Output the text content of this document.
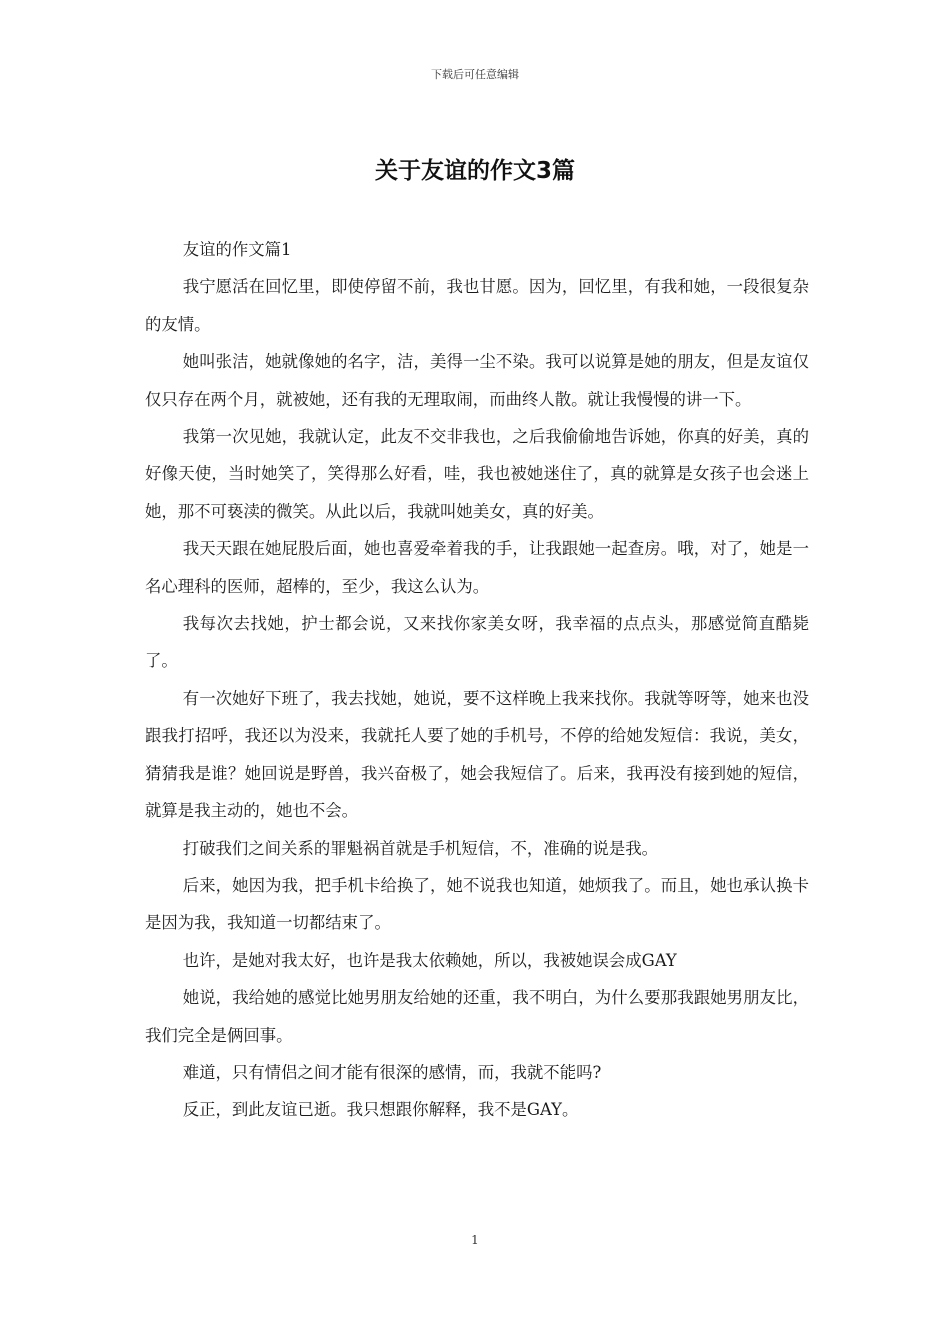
下载后可任意编辑
关于友谊的作文3篇

友谊的作文篇1

我宁愿活在回忆里，即使停留不前，我也甘愿。因为，回忆里，有我和她，一段很复杂的友情。

她叫张洁，她就像她的名字，洁，美得一尘不染。我可以说算是她的朋友，但是友谊仅仅只存在两个月，就被她，还有我的无理取闹，而曲终人散。就让我慢慢的讲一下。

我第一次见她，我就认定，此友不交非我也，之后我偷偷地告诉她，你真的好美，真的好像天使，当时她笑了，笑得那么好看，哇，我也被她迷住了，真的就算是女孩子也会迷上她，那不可亵渎的微笑。从此以后，我就叫她美女，真的好美。

我天天跟在她屁股后面，她也喜爱牵着我的手，让我跟她一起查房。哦，对了，她是一名心理科的医师，超棒的，至少，我这么认为。

我每次去找她，护士都会说，又来找你家美女呀，我幸福的点点头，那感觉简直酷毙了。

有一次她好下班了，我去找她，她说，要不这样晚上我来找你。我就等呀等，她来也没跟我打招呼，我还以为没来，我就托人要了她的手机号，不停的给她发短信：我说，美女，猜猜我是谁？她回说是野兽，我兴奋极了，她会我短信了。后来，我再没有接到她的短信，就算是我主动的，她也不会。

打破我们之间关系的罪魁祸首就是手机短信，不，准确的说是我。

后来，她因为我，把手机卡给换了，她不说我也知道，她烦我了。而且，她也承认换卡是因为我，我知道一切都结束了。

也许，是她对我太好，也许是我太依赖她，所以，我被她误会成GAY

她说，我给她的感觉比她男朋友给她的还重，我不明白，为什么要那我跟她男朋友比，我们完全是俩回事。

难道，只有情侣之间才能有很深的感情，而，我就不能吗?

反正，到此友谊已逝。我只想跟你解释，我不是GAY。

1
